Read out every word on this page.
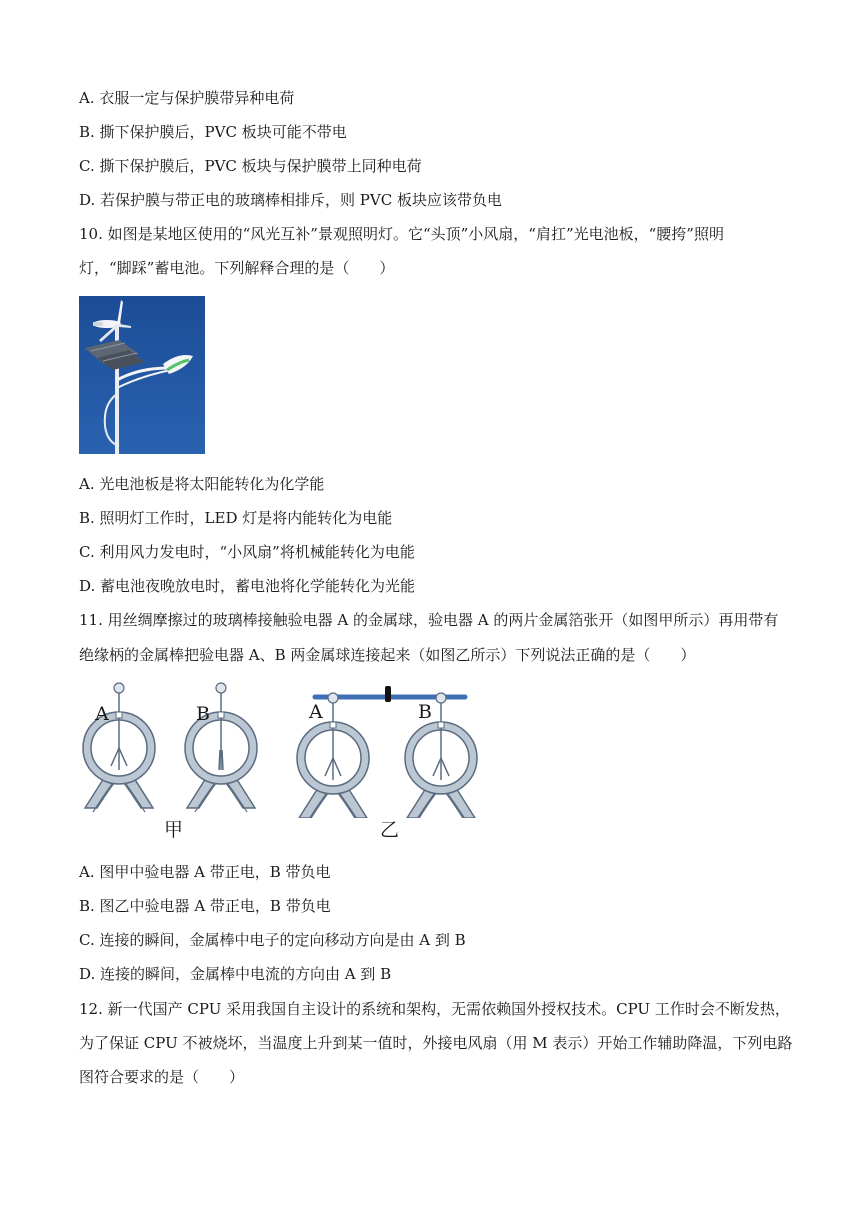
A. 衣服一定与保护膜带异种电荷
B. 撕下保护膜后，PVC 板块可能不带电
C. 撕下保护膜后，PVC 板块与保护膜带上同种电荷
D. 若保护膜与带正电的玻璃棒相排斥，则 PVC 板块应该带负电
10. 如图是某地区使用的“风光互补”景观照明灯。它“头顶”小风扇，“肩扛”光电池板，“腰挎”照明
灯，“脚踩”蓄电池。下列解释合理的是（　　）
A. 光电池板是将太阳能转化为化学能
B. 照明灯工作时，LED 灯是将内能转化为电能
C. 利用风力发电时，“小风扇”将机械能转化为电能
D. 蓄电池夜晚放电时，蓄电池将化学能转化为光能
11. 用丝绸摩擦过的玻璃棒接触验电器 A 的金属球，验电器 A 的两片金属箔张开（如图甲所示）再用带有
绝缘柄的金属棒把验电器 A、B 两金属球连接起来（如图乙所示）下列说法正确的是（　　）
A	B	A	B
甲	乙
A. 图甲中验电器 A 带正电，B 带负电
B. 图乙中验电器 A 带正电，B 带负电
C. 连接的瞬间，金属棒中电子的定向移动方向是由 A 到 B
D. 连接的瞬间，金属棒中电流的方向由 A 到 B
12. 新一代国产 CPU 采用我国自主设计的系统和架构，无需依赖国外授权技术。CPU 工作时会不断发热，
为了保证 CPU 不被烧坏，当温度上升到某一值时，外接电风扇（用 M 表示）开始工作辅助降温，下列电路
图符合要求的是（　　）
